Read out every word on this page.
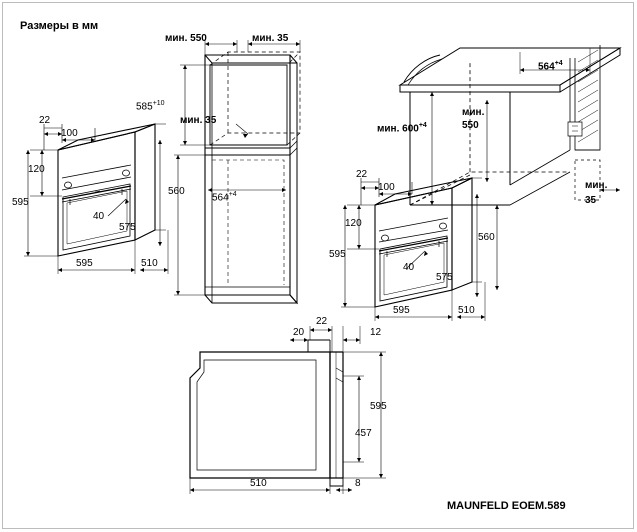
Размеры в мм
MAUNFELD EOEM.589
22
100
120
595
40
595	510
575
мин. 550	мин. 35
$585^{+10}$
мин. 35
560
$564^{+4}$
$564^{+4}$
мин. $600^{+4}$
мин.
550
мин.
35
22
100
120
595
40
595	510
575
560
20
22
12
595
457
510	8
